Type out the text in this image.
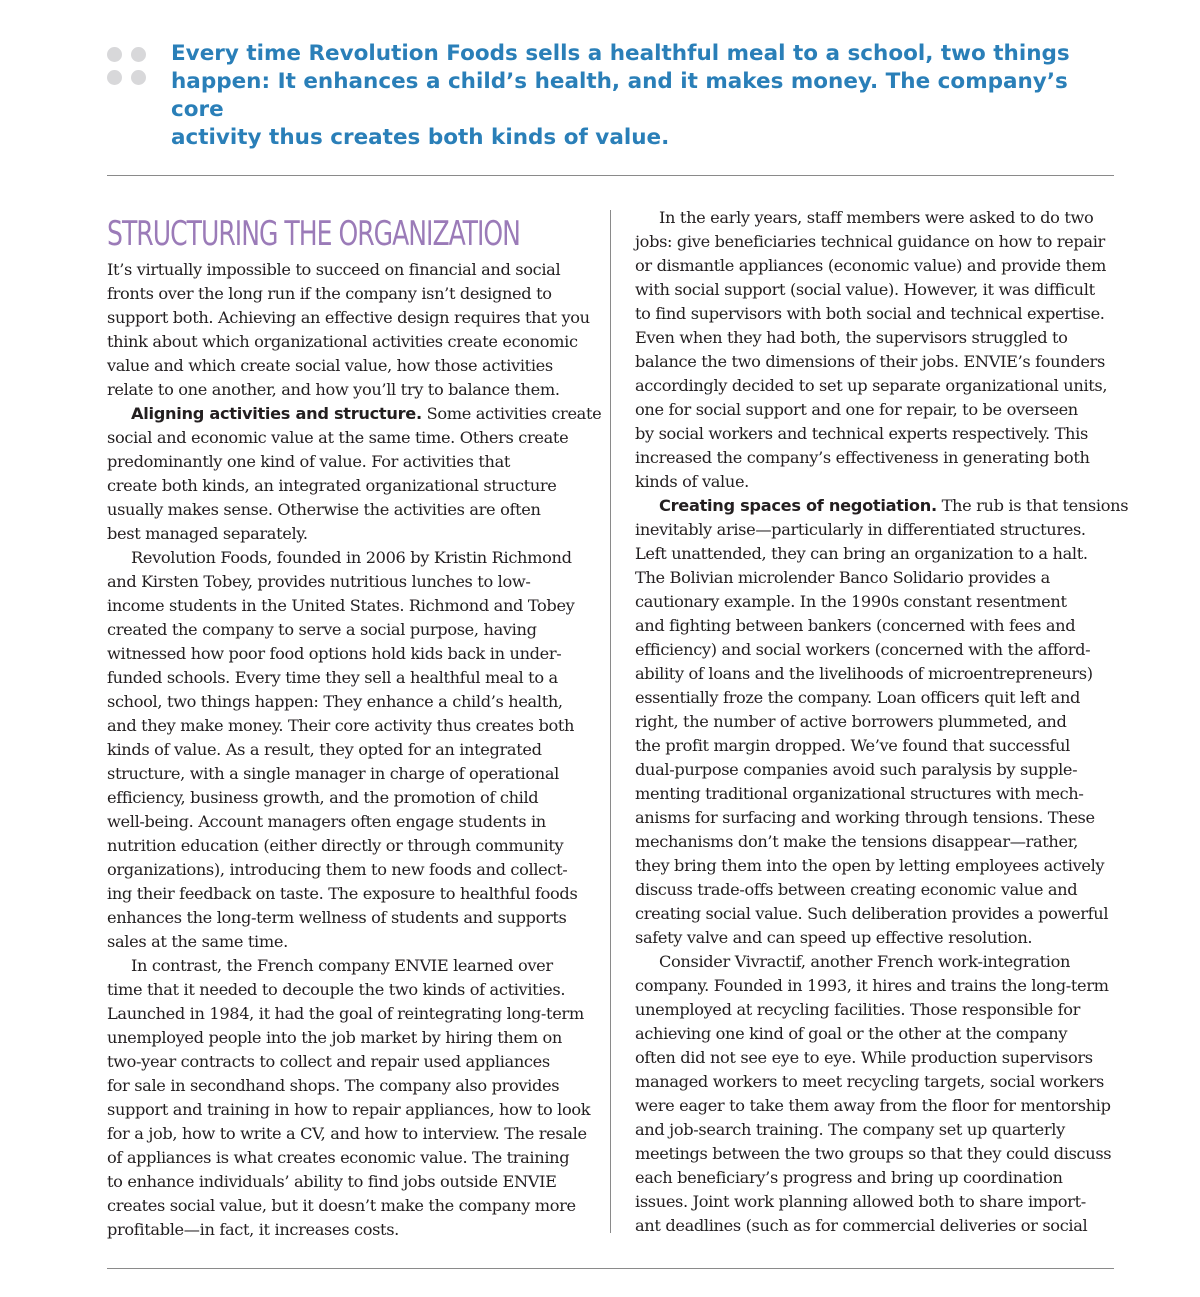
Every time Revolution Foods sells a healthful meal to a school, two things
happen: It enhances a child’s health, and it makes money. The company’s core
activity thus creates both kinds of value.
STRUCTURING THE ORGANIZATION

It’s virtually impossible to succeed on financial and social

fronts over the long run if the company isn’t designed to

support both. Achieving an effective design requires that you

think about which organizational activities create economic

value and which create social value, how those activities

relate to one another, and how you’ll try to balance them.

Aligning activities and structure. Some activities create

social and economic value at the same time. Others create

predominantly one kind of value. For activities that

create both kinds, an integrated organizational structure

usually makes sense. Otherwise the activities are often

best managed separately.

Revolution Foods, founded in 2006 by Kristin Richmond

and Kirsten Tobey, provides nutritious lunches to low-

income students in the United States. Richmond and Tobey

created the company to serve a social purpose, having

witnessed how poor food options hold kids back in under-

funded schools. Every time they sell a healthful meal to a

school, two things happen: They enhance a child’s health,

and they make money. Their core activity thus creates both

kinds of value. As a result, they opted for an integrated

structure, with a single manager in charge of operational

efficiency, business growth, and the promotion of child

well-being. Account managers often engage students in

nutrition education (either directly or through community

organizations), introducing them to new foods and collect-

ing their feedback on taste. The exposure to healthful foods

enhances the long-term wellness of students and supports

sales at the same time.

In contrast, the French company ENVIE learned over

time that it needed to decouple the two kinds of activities.

Launched in 1984, it had the goal of reintegrating long-term

unemployed people into the job market by hiring them on

two-year contracts to collect and repair used appliances

for sale in secondhand shops. The company also provides

support and training in how to repair appliances, how to look

for a job, how to write a CV, and how to interview. The resale

of appliances is what creates economic value. The training

to enhance individuals’ ability to find jobs outside ENVIE

creates social value, but it doesn’t make the company more

profitable—in fact, it increases costs.

In the early years, staff members were asked to do two

jobs: give beneficiaries technical guidance on how to repair

or dismantle appliances (economic value) and provide them

with social support (social value). However, it was difficult

to find supervisors with both social and technical expertise.

Even when they had both, the supervisors struggled to

balance the two dimensions of their jobs. ENVIE’s founders

accordingly decided to set up separate organizational units,

one for social support and one for repair, to be overseen

by social workers and technical experts respectively. This

increased the company’s effectiveness in generating both

kinds of value.

Creating spaces of negotiation. The rub is that tensions

inevitably arise—particularly in differentiated structures.

Left unattended, they can bring an organization to a halt.

The Bolivian microlender Banco Solidario provides a

cautionary example. In the 1990s constant resentment

and fighting between bankers (concerned with fees and

efficiency) and social workers (concerned with the afford-

ability of loans and the livelihoods of microentrepreneurs)

essentially froze the company. Loan officers quit left and

right, the number of active borrowers plummeted, and

the profit margin dropped. We’ve found that successful

dual-purpose companies avoid such paralysis by supple-

menting traditional organizational structures with mech-

anisms for surfacing and working through tensions. These

mechanisms don’t make the tensions disappear—rather,

they bring them into the open by letting employees actively

discuss trade-offs between creating economic value and

creating social value. Such deliberation provides a powerful

safety valve and can speed up effective resolution.

Consider Vivractif, another French work-integration

company. Founded in 1993, it hires and trains the long-term

unemployed at recycling facilities. Those responsible for

achieving one kind of goal or the other at the company

often did not see eye to eye. While production supervisors

managed workers to meet recycling targets, social workers

were eager to take them away from the floor for mentorship

and job-search training. The company set up quarterly

meetings between the two groups so that they could discuss

each beneficiary’s progress and bring up coordination

issues. Joint work planning allowed both to share import-

ant deadlines (such as for commercial deliveries or social
